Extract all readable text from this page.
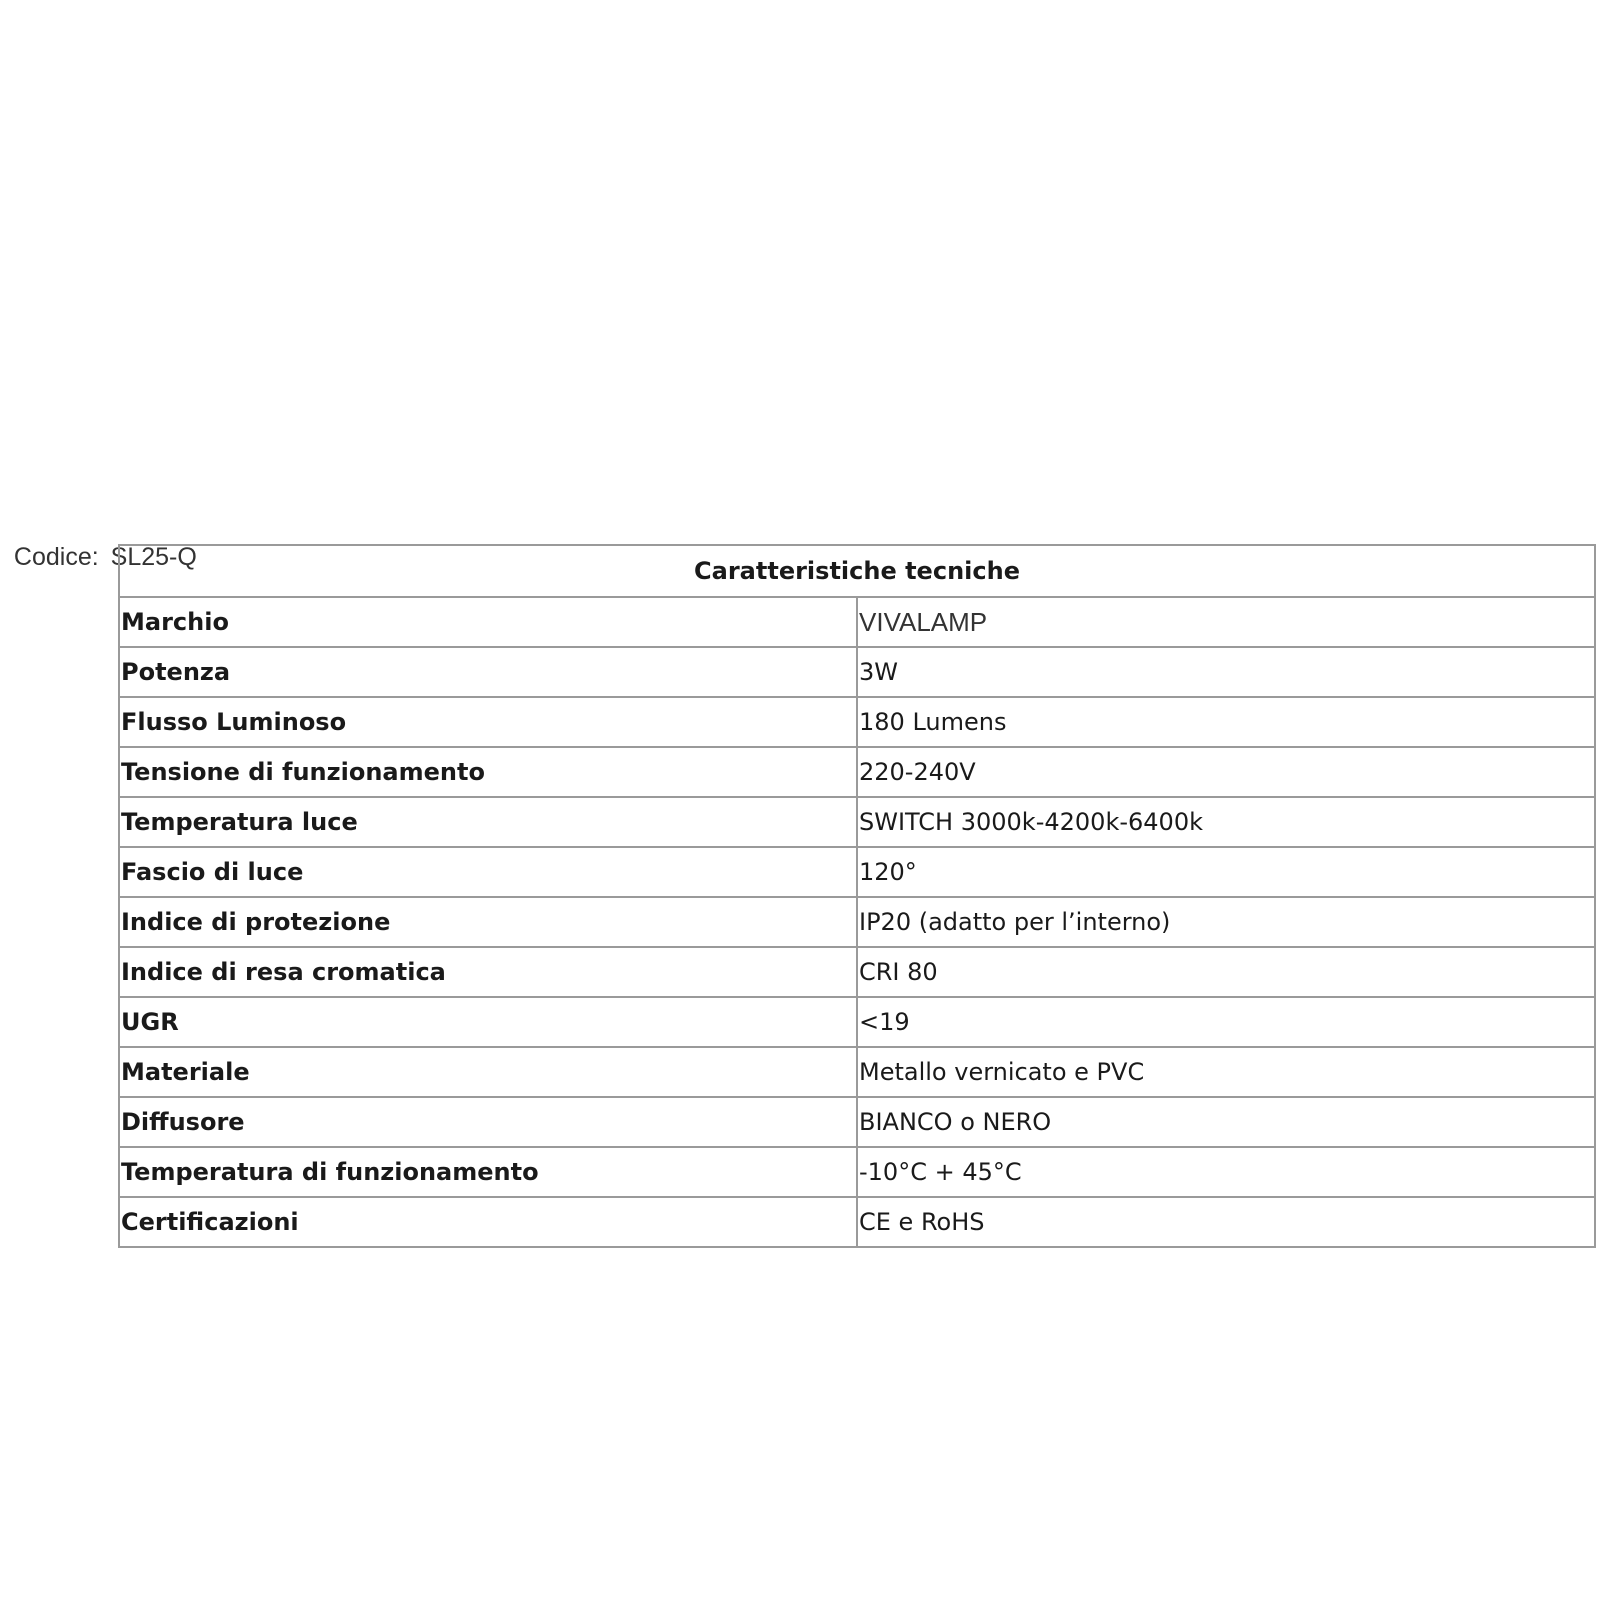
Codice: SL25-Q	Caratteristiche tecniche	
Marchio	VIVALAMP
Potenza	3W
Flusso Luminoso	180 Lumens
Tensione di funzionamento	220-240V
Temperatura luce	SWITCH 3000k-4200k-6400k
Fascio di luce	120°
Indice di protezione	IP20 (adatto per l’interno)
Indice di resa cromatica	CRI 80
UGR	<19
Materiale	Metallo vernicato e PVC
Diffusore	BIANCO o NERO
Temperatura di funzionamento	-10°C + 45°C
Certificazioni	CE e RoHS
